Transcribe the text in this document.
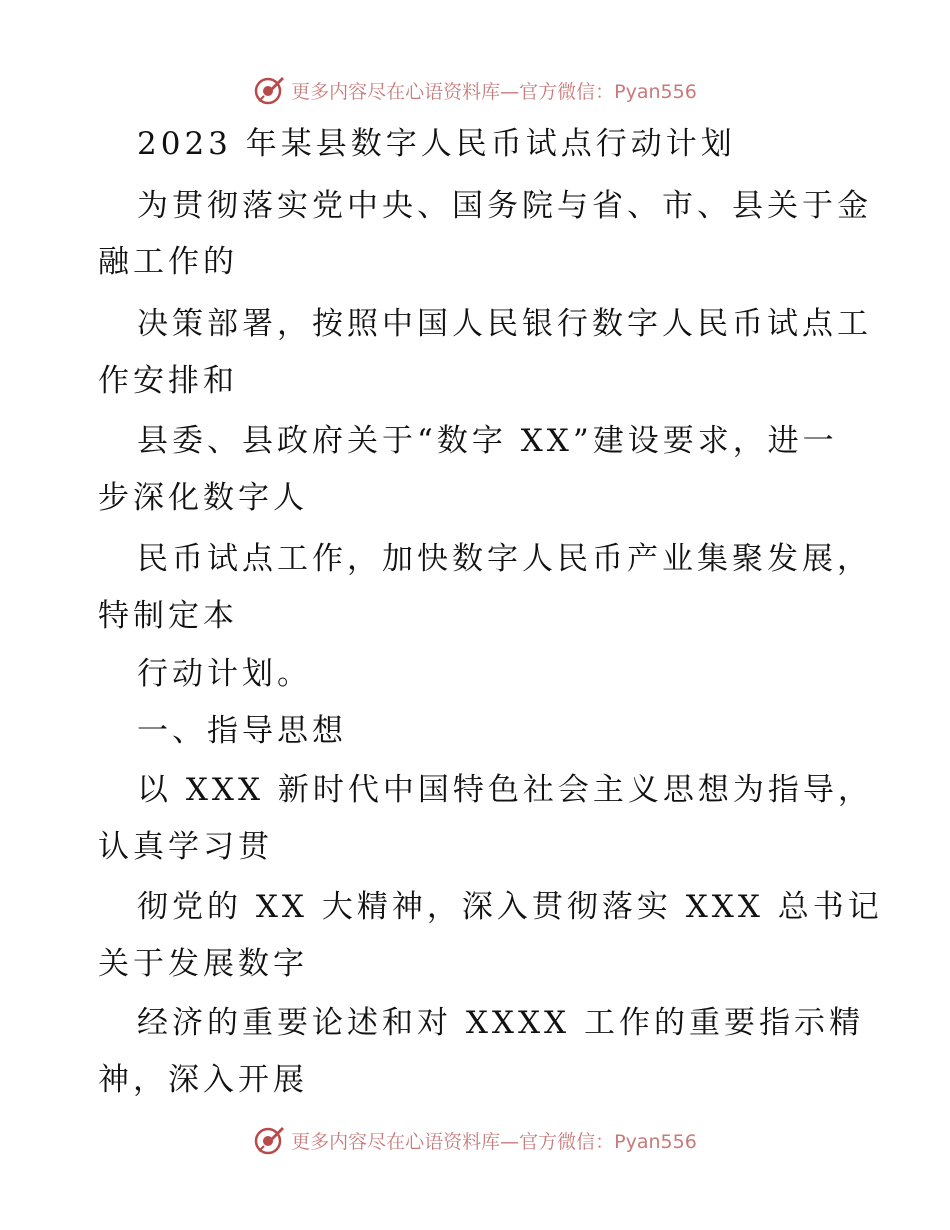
更多内容尽在心语资料库—官方微信：Pyan556
2023 年某县数字人民币试点行动计划
为贯彻落实党中央、国务院与省、市、县关于金
融工作的
决策部署，按照中国人民银行数字人民币试点工
作安排和
县委、县政府关于“数字 XX”建设要求，进一
步深化数字人
民币试点工作，加快数字人民币产业集聚发展，
特制定本
行动计划。
一、指导思想
以 XXX 新时代中国特色社会主义思想为指导，
认真学习贯
彻党的 XX 大精神，深入贯彻落实 XXX 总书记
关于发展数字
经济的重要论述和对 XXXX 工作的重要指示精
神，深入开展
更多内容尽在心语资料库—官方微信：Pyan556
